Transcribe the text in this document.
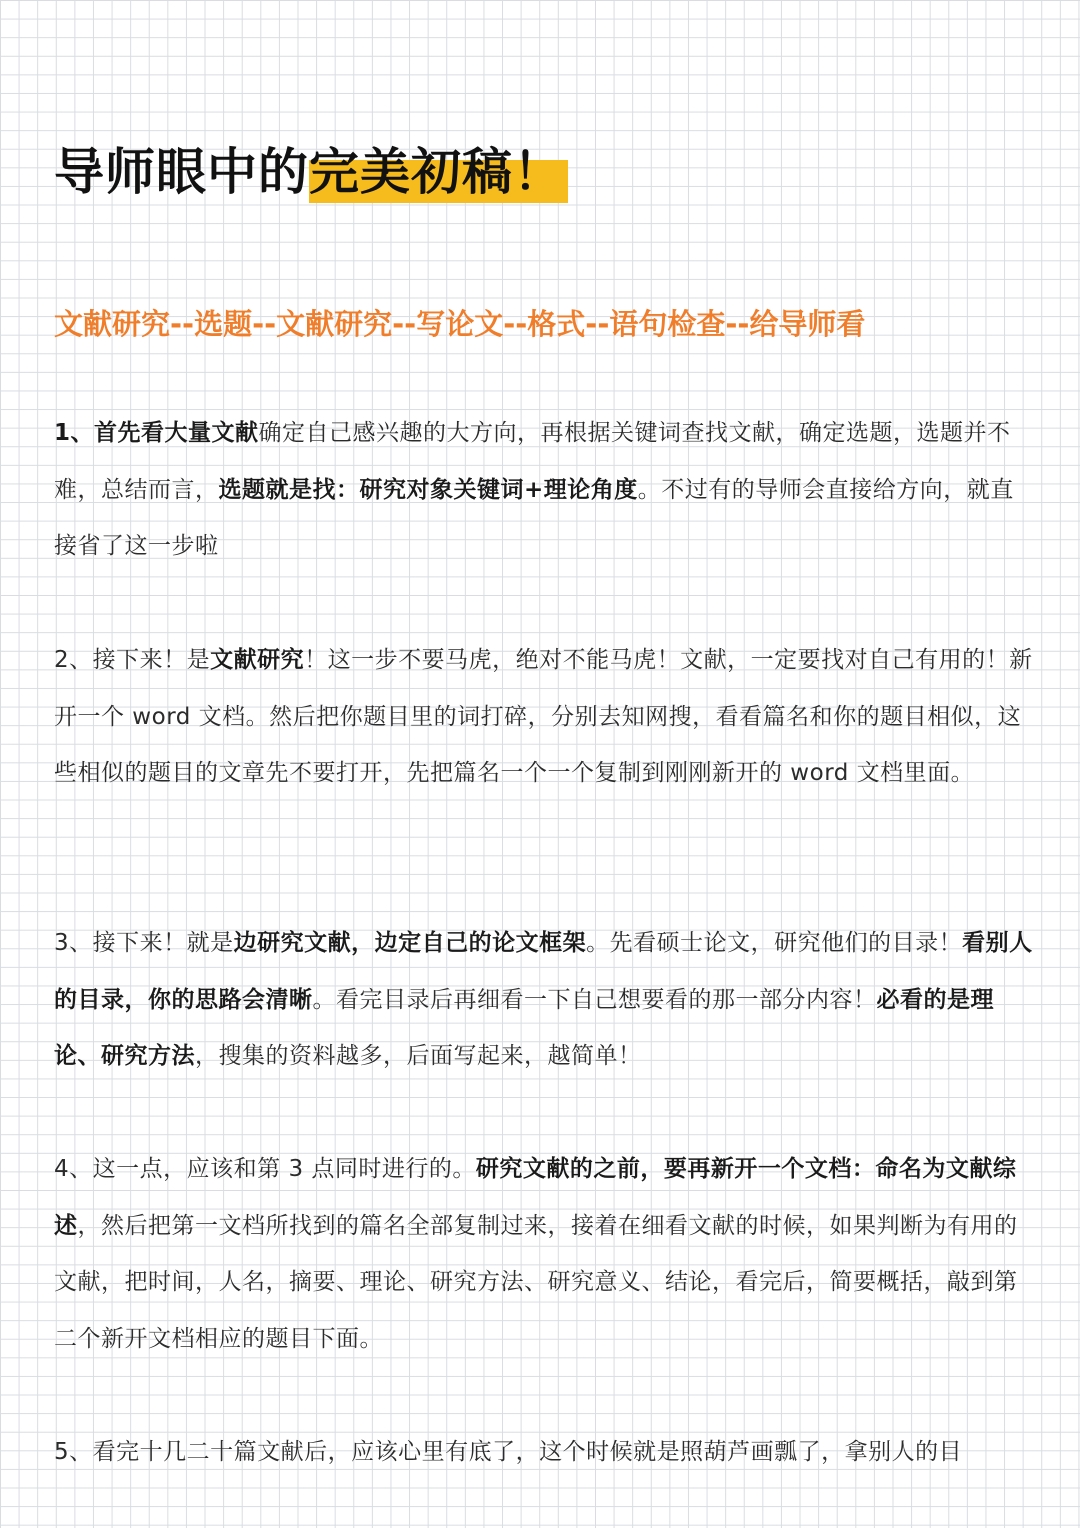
导师眼中的完美初稿！
文献研究--选题--文献研究--写论文--格式--语句检查--给导师看

1、首先看大量文献确定自己感兴趣的大方向，再根据关键词查找文献，确定选题，选题并不难，总结而言，选题就是找：研究对象关键词+理论角度。不过有的导师会直接给方向，就直接省了这一步啦

2、接下来！是文献研究！这一步不要马虎，绝对不能马虎！文献，一定要找对自己有用的！新开一个 word 文档。然后把你题目里的词打碎，分别去知网搜，看看篇名和你的题目相似，这些相似的题目的文章先不要打开，先把篇名一个一个复制到刚刚新开的 word 文档里面。

3、接下来！就是边研究文献，边定自己的论文框架。先看硕士论文，研究他们的目录！看别人的目录，你的思路会清晰。看完目录后再细看一下自己想要看的那一部分内容！必看的是理论、研究方法，搜集的资料越多，后面写起来，越简单！

4、这一点，应该和第 3 点同时进行的。研究文献的之前，要再新开一个文档：命名为文献综述，然后把第一文档所找到的篇名全部复制过来，接着在细看文献的时候，如果判断为有用的文献，把时间，人名，摘要、理论、研究方法、研究意义、结论，看完后，简要概括，敲到第二个新开文档相应的题目下面。

5、看完十几二十篇文献后，应该心里有底了，这个时候就是照葫芦画瓢了，拿别人的目
